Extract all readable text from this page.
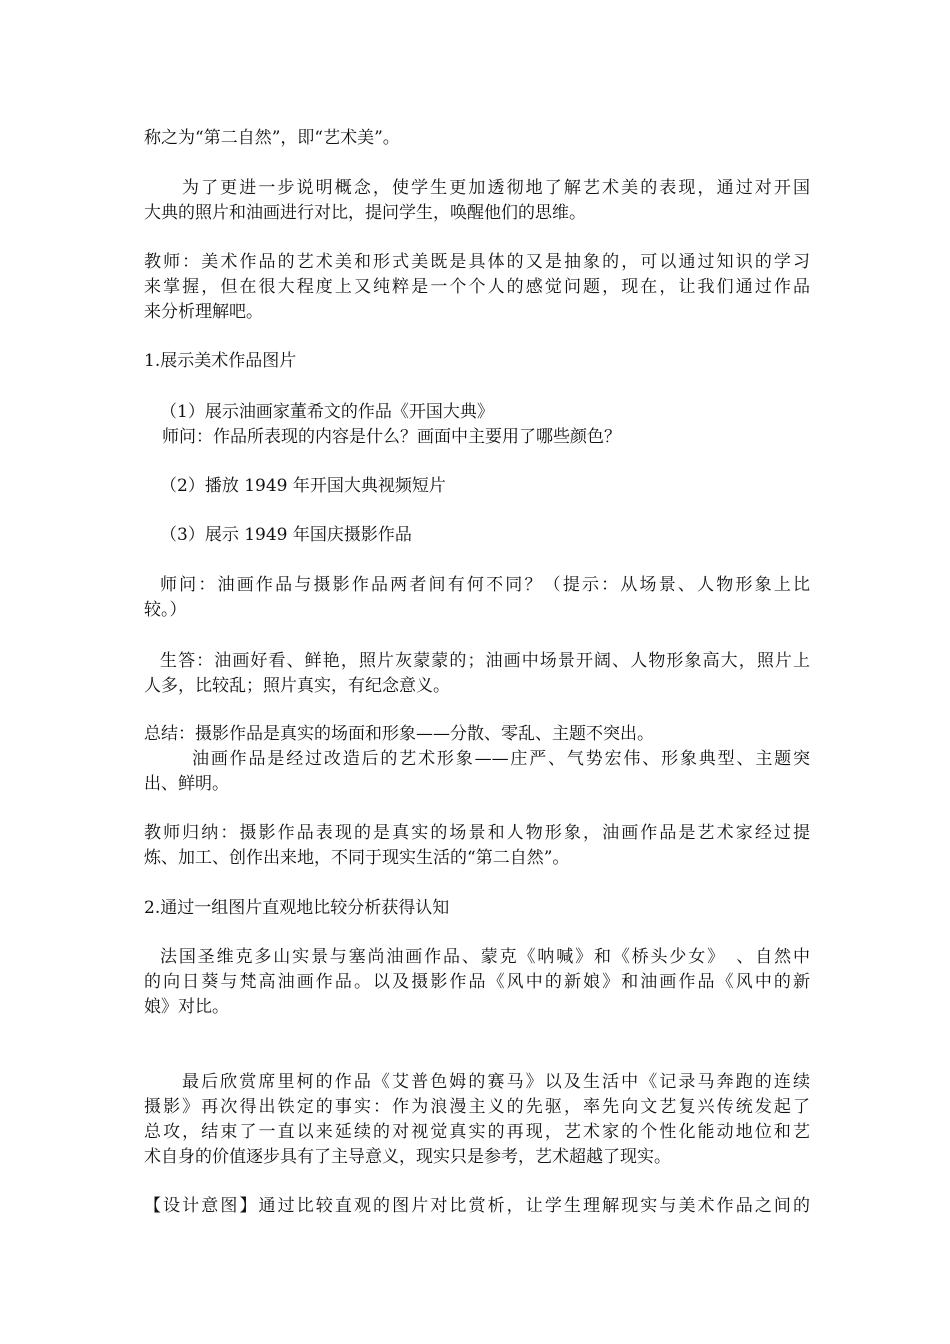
称之为“第二自然”，即“艺术美”。
为了更进一步说明概念，使学生更加透彻地了解艺术美的表现，通过对开国
大典的照片和油画进行对比，提问学生，唤醒他们的思维。
教师：美术作品的艺术美和形式美既是具体的又是抽象的，可以通过知识的学习
来掌握，但在很大程度上又纯粹是一个个人的感觉问题，现在，让我们通过作品
来分析理解吧。
1.展示美术作品图片
（1）展示油画家董希文的作品《开国大典》
师问：作品所表现的内容是什么？画面中主要用了哪些颜色？
（2）播放 1949 年开国大典视频短片
（3）展示 1949 年国庆摄影作品
师问：油画作品与摄影作品两者间有何不同？（提示：从场景、人物形象上比
较。）
生答：油画好看、鲜艳，照片灰蒙蒙的；油画中场景开阔、人物形象高大，照片上
人多，比较乱；照片真实，有纪念意义。
总结：摄影作品是真实的场面和形象——分散、零乱、主题不突出。
油画作品是经过改造后的艺术形象——庄严、气势宏伟、形象典型、主题突
出、鲜明。
教师归纳：摄影作品表现的是真实的场景和人物形象，油画作品是艺术家经过提
炼、加工、创作出来地，不同于现实生活的“第二自然”。
2.通过一组图片直观地比较分析获得认知
法国圣维克多山实景与塞尚油画作品、蒙克《呐喊》和《桥头少女》　、自然中
的向日葵与梵高油画作品。以及摄影作品《风中的新娘》和油画作品《风中的新
娘》对比。
最后欣赏席里柯的作品《艾普色姆的赛马》以及生活中《记录马奔跑的连续
摄影》再次得出铁定的事实：作为浪漫主义的先驱，率先向文艺复兴传统发起了
总攻，结束了一直以来延续的对视觉真实的再现，艺术家的个性化能动地位和艺
术自身的价值逐步具有了主导意义，现实只是参考，艺术超越了现实。
【设计意图】通过比较直观的图片对比赏析，让学生理解现实与美术作品之间的
